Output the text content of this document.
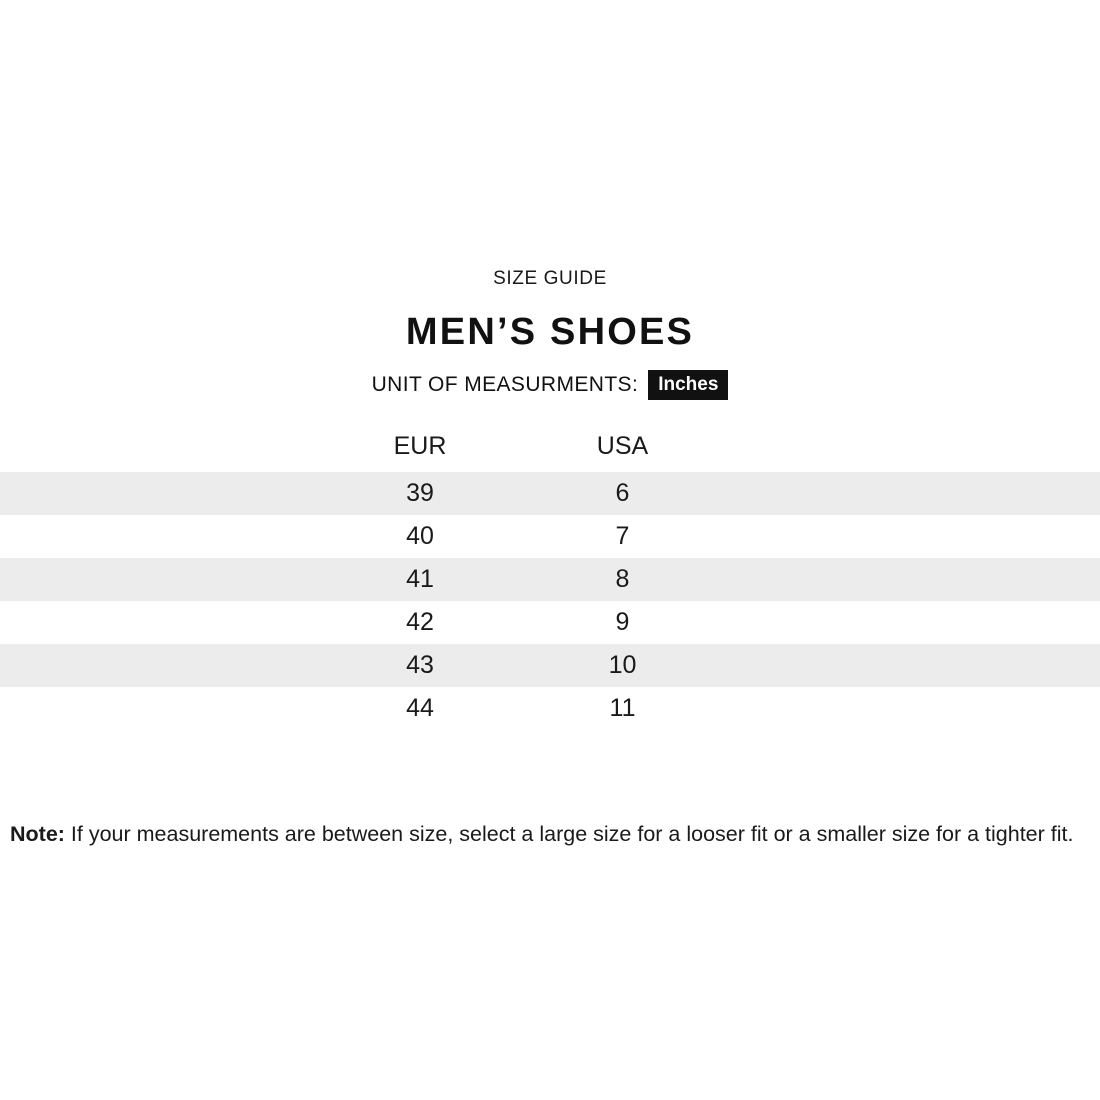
SIZE GUIDE
MEN’S SHOES
UNIT OF MEASURMENTS:	Inches
	EUR	USA	
	39	6	
	40	7	
	41	8	
	42	9	
	43	10	
	44	11	
Note: If your measurements are between size, select a large size for a looser fit or a smaller size for a tighter fit.
